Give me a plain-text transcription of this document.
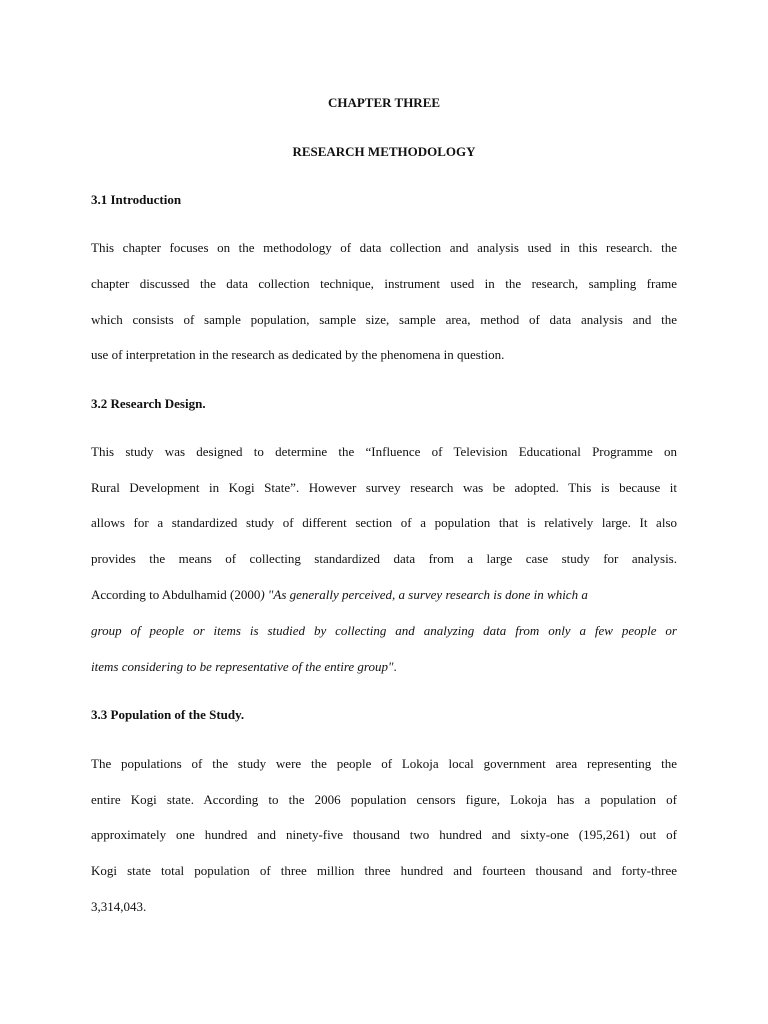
CHAPTER THREE
RESEARCH METHODOLOGY
3.1 Introduction
This chapter focuses on the methodology of data collection and analysis used in this research. the
chapter discussed the data collection technique, instrument used in the research, sampling frame
which consists of sample population, sample size, sample area, method of data analysis and the
use of interpretation in the research as dedicated by the phenomena in question.
3.2 Research Design.
This study was designed to determine the “Influence of Television Educational Programme on
Rural Development in Kogi State”. However survey research was be adopted. This is because it
allows for a standardized study of different section of a population that is relatively large. It also
provides the means of collecting standardized data from a large case study for analysis.
According to Abdulhamid (2000) "As generally perceived, a survey research is done in which a
group of people or items is studied by collecting and analyzing data from only a few people or
items considering to be representative of the entire group".
3.3 Population of the Study.
The populations of the study were the people of Lokoja local government area representing the
entire Kogi state. According to the 2006 population censors figure, Lokoja has a population of
approximately one hundred and ninety-five thousand two hundred and sixty-one (195,261) out of
Kogi state total population of three million three hundred and fourteen thousand and forty-three
3,314,043.
